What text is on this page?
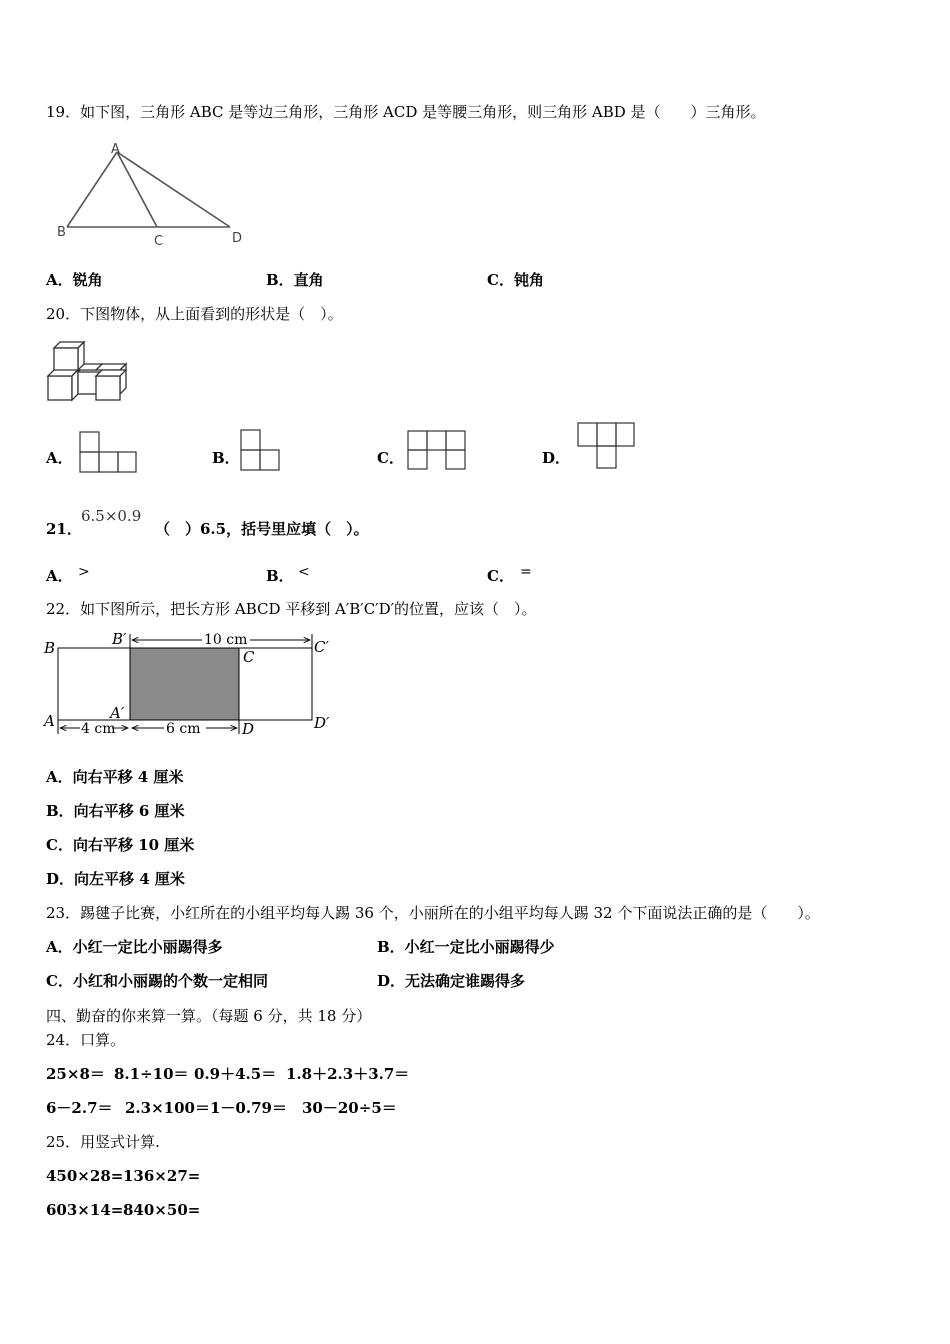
19．如下图，三角形 ABC 是等边三角形，三角形 ACD 是等腰三角形，则三角形 ABD 是（　　）三角形。
A
B
C	D
A．锐角	B．直角	C．钝角
20．下图物体，从上面看到的形状是（　）。
A．	B．	C．	D．
21．
6.5×0.9
（　）6.5，括号里应填（　）。
A． >	B． <	C． =
22．如下图所示，把长方形 ABCD 平移到 A′B′C′D′的位置，应该（　）。
B	B′
C
C′
A	A′
D	D′
10 cm
4 cm	6 cm
A．向右平移 4 厘米
B．向右平移 6 厘米
C．向右平移 10 厘米
D．向左平移 4 厘米
23．踢毽子比赛，小红所在的小组平均每人踢 36 个，小丽所在的小组平均每人踢 32 个下面说法正确的是（　　）。
A．小红一定比小丽踢得多	B．小红一定比小丽踢得少
C．小红和小丽踢的个数一定相同	D．无法确定谁踢得多
四、勤奋的你来算一算。（每题 6 分，共 18 分）
24．口算。
25×8＝ 8.1÷10＝ 0.9＋4.5＝ 1.8＋2.3＋3.7＝
6－2.7＝ 2.3×100＝ 1－0.79＝ 30－20÷5＝
25．用竖式计算.
450×28= 136×27=
603×14= 840×50=
